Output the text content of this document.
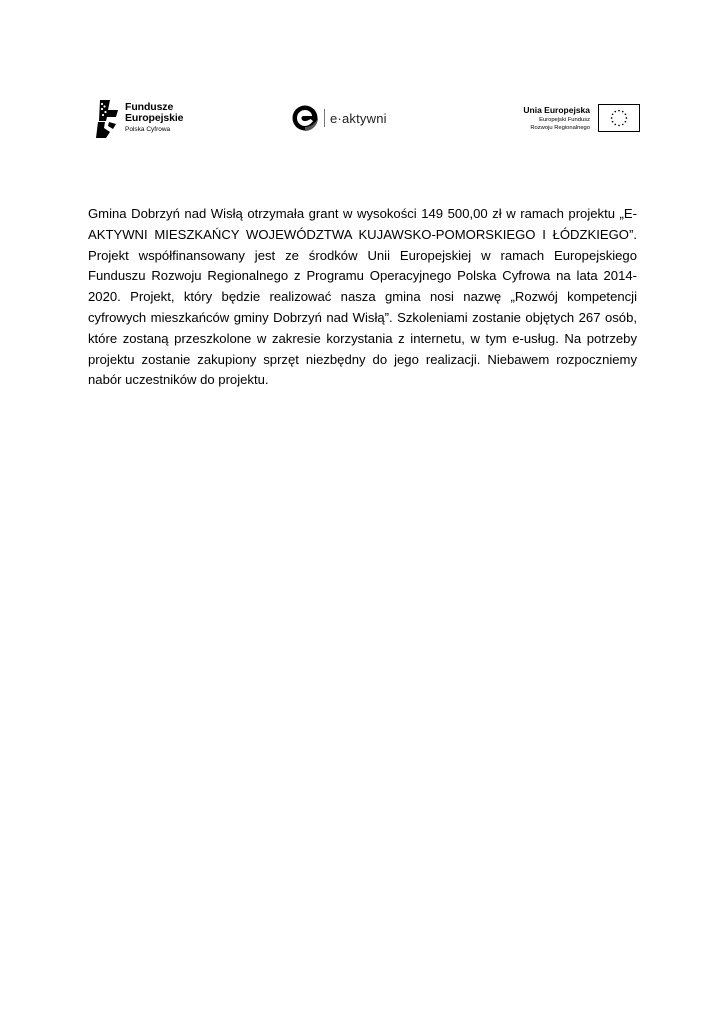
Fundusze
Europejskie
Polska Cyfrowa
e·aktywni
Unia Europejska
Europejski Fundusz
Rozwoju Regionalnego

Gmina Dobrzyń nad Wisłą otrzymała grant w wysokości 149 500,00 zł w ramach projektu „E-AKTYWNI MIESZKAŃCY WOJEWÓDZTWA KUJAWSKO-POMORSKIEGO I ŁÓDZKIEGO”. Projekt współfinansowany jest ze środków Unii Europejskiej w ramach Europejskiego Funduszu Rozwoju Regionalnego z Programu Operacyjnego Polska Cyfrowa na lata 2014-2020. Projekt, który będzie realizować nasza gmina nosi nazwę „Rozwój kompetencji cyfrowych mieszkańców gminy Dobrzyń nad Wisłą”. Szkoleniami zostanie objętych 267 osób, które zostaną przeszkolone w zakresie korzystania z internetu, w tym e-usług. Na potrzeby projektu zostanie zakupiony sprzęt niezbędny do jego realizacji. Niebawem rozpoczniemy nabór uczestników do projektu.
